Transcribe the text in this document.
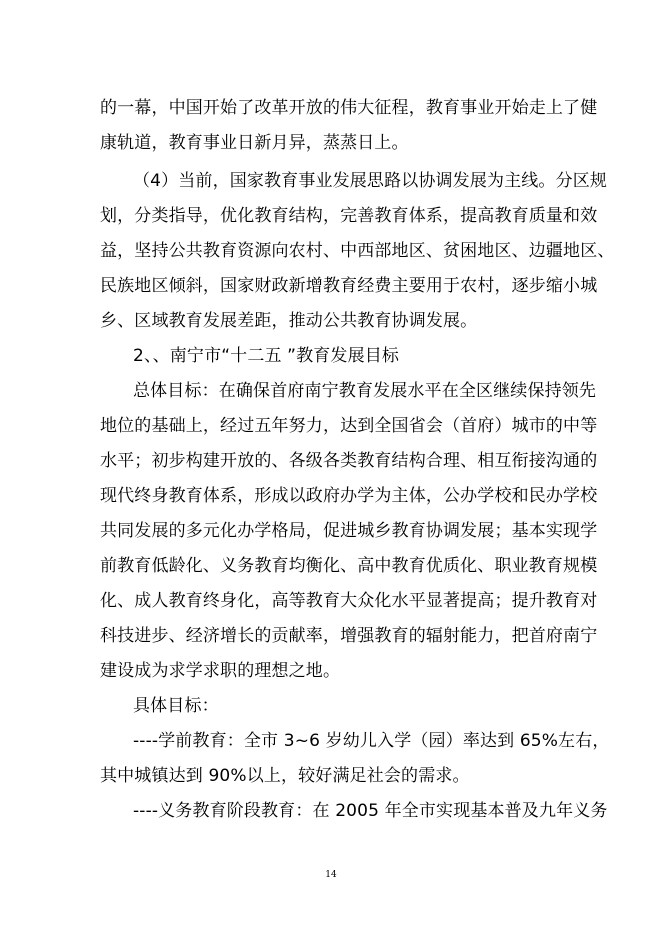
的一幕，中国开始了改革开放的伟大征程，教育事业开始走上了健
康轨道，教育事业日新月异，蒸蒸日上。
（4）当前，国家教育事业发展思路以协调发展为主线。分区规
划，分类指导，优化教育结构，完善教育体系，提高教育质量和效
益，坚持公共教育资源向农村、中西部地区、贫困地区、边疆地区、
民族地区倾斜，国家财政新增教育经费主要用于农村，逐步缩小城
乡、区域教育发展差距，推动公共教育协调发展。
2、、南宁市“十二五 ”教育发展目标
总体目标：在确保首府南宁教育发展水平在全区继续保持领先
地位的基础上，经过五年努力，达到全国省会（首府）城市的中等
水平；初步构建开放的、各级各类教育结构合理、相互衔接沟通的
现代终身教育体系，形成以政府办学为主体，公办学校和民办学校
共同发展的多元化办学格局，促进城乡教育协调发展；基本实现学
前教育低龄化、义务教育均衡化、高中教育优质化、职业教育规模
化、成人教育终身化，高等教育大众化水平显著提高；提升教育对
科技进步、经济增长的贡献率，增强教育的辐射能力，把首府南宁
建设成为求学求职的理想之地。
具体目标：
----学前教育：全市 3~6 岁幼儿入学（园）率达到 65%左右，
其中城镇达到 90%以上，较好满足社会的需求。
----义务教育阶段教育：在 2005 年全市实现基本普及九年义务
14
